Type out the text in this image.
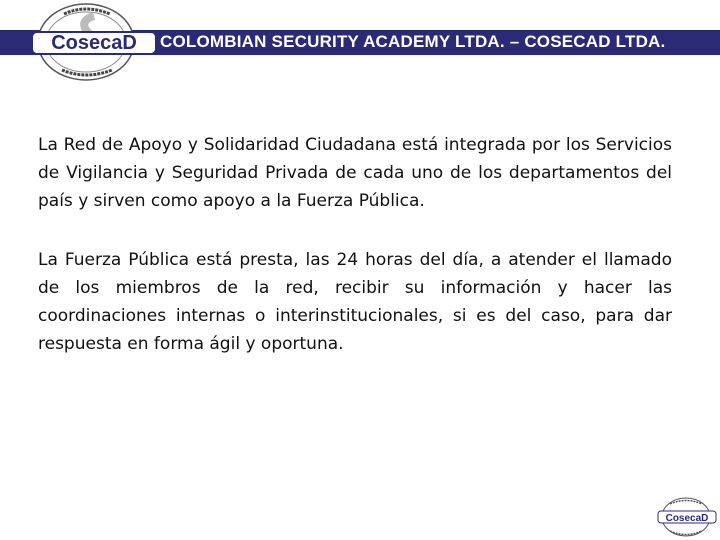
COLOMBIAN SECURITY ACADEMY LTDA. – COSECAD LTDA.
CosecaD

La Red de Apoyo y Solidaridad Ciudadana está integrada por los Servicios de Vigilancia y Seguridad Privada de cada uno de los departamentos del país y sirven como apoyo a la Fuerza Pública.

La Fuerza Pública está presta, las 24 horas del día, a atender el llamado de los miembros de la red, recibir su información y hacer las coordinaciones internas o interinstitucionales, si es del caso, para dar respuesta en forma ágil y oportuna.

CosecaD
